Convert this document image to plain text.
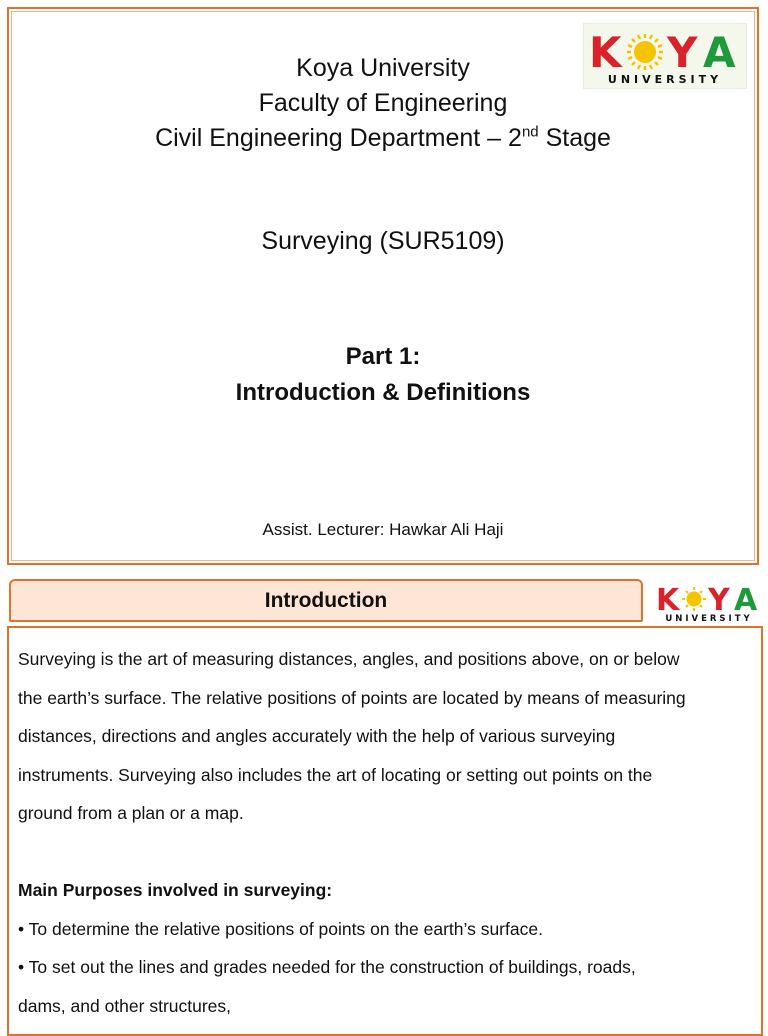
K Y A
UNIVERSITY
Koya University
Faculty of Engineering
Civil Engineering Department – 2nd Stage
Surveying (SUR5109)
Part 1:
Introduction & Definitions
Assist. Lecturer: Hawkar Ali Haji
Introduction	K Y A
UNIVERSITY

Surveying is the art of measuring distances, angles, and positions above, on or below

the earth’s surface. The relative positions of points are located by means of measuring

distances, directions and angles accurately with the help of various surveying

instruments. Surveying also includes the art of locating or setting out points on the

ground from a plan or a map.

Main Purposes involved in surveying:

• To determine the relative positions of points on the earth’s surface.

• To set out the lines and grades needed for the construction of buildings, roads,

dams, and other structures,
